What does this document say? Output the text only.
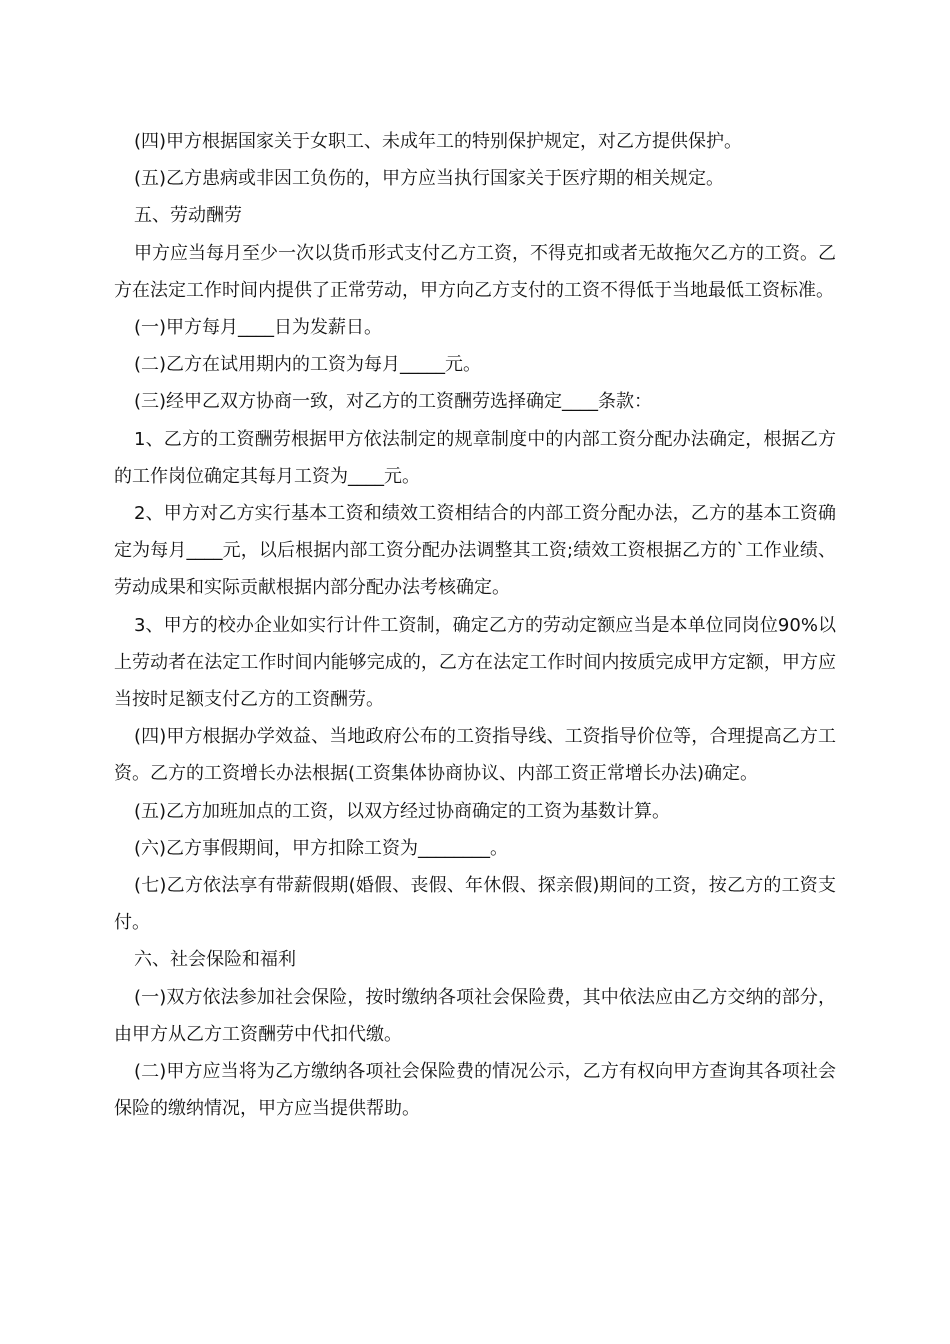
(四)甲方根据国家关于女职工、未成年工的特别保护规定，对乙方提供保护。

(五)乙方患病或非因工负伤的，甲方应当执行国家关于医疗期的相关规定。

五、劳动酬劳

甲方应当每月至少一次以货币形式支付乙方工资，不得克扣或者无故拖欠乙方的工资。乙方在法定工作时间内提供了正常劳动，甲方向乙方支付的工资不得低于当地最低工资标准。

(一)甲方每月____日为发薪日。

(二)乙方在试用期内的工资为每月_____元。

(三)经甲乙双方协商一致，对乙方的工资酬劳选择确定____条款：

1、乙方的工资酬劳根据甲方依法制定的规章制度中的内部工资分配办法确定，根据乙方的工作岗位确定其每月工资为____元。

2、甲方对乙方实行基本工资和绩效工资相结合的内部工资分配办法，乙方的基本工资确定为每月____元，以后根据内部工资分配办法调整其工资;绩效工资根据乙方的`工作业绩、劳动成果和实际贡献根据内部分配办法考核确定。

3、甲方的校办企业如实行计件工资制，确定乙方的劳动定额应当是本单位同岗位90%以上劳动者在法定工作时间内能够完成的，乙方在法定工作时间内按质完成甲方定额，甲方应当按时足额支付乙方的工资酬劳。

(四)甲方根据办学效益、当地政府公布的工资指导线、工资指导价位等，合理提高乙方工资。乙方的工资增长办法根据(工资集体协商协议、内部工资正常增长办法)确定。

(五)乙方加班加点的工资，以双方经过协商确定的工资为基数计算。

(六)乙方事假期间，甲方扣除工资为________。

(七)乙方依法享有带薪假期(婚假、丧假、年休假、探亲假)期间的工资，按乙方的工资支付。

六、社会保险和福利

(一)双方依法参加社会保险，按时缴纳各项社会保险费，其中依法应由乙方交纳的部分，由甲方从乙方工资酬劳中代扣代缴。

(二)甲方应当将为乙方缴纳各项社会保险费的情况公示，乙方有权向甲方查询其各项社会保险的缴纳情况，甲方应当提供帮助。
